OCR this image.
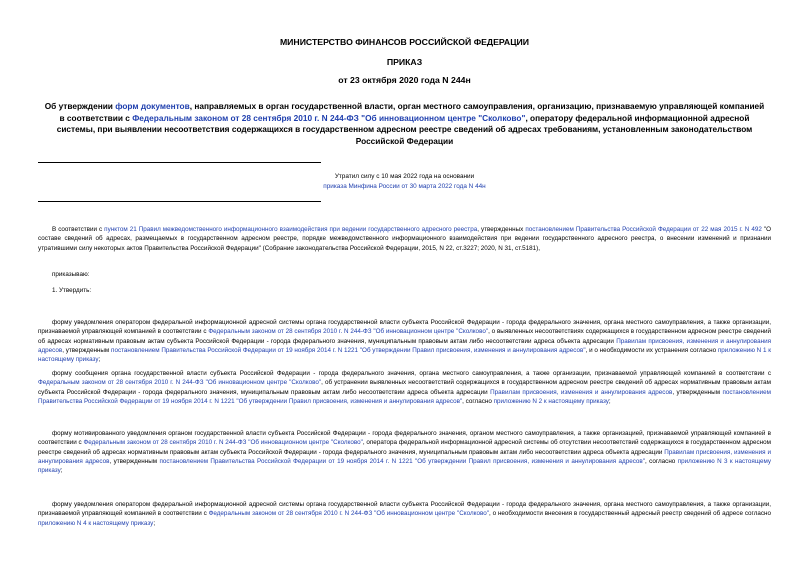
МИНИСТЕРСТВО ФИНАНСОВ РОССИЙСКОЙ ФЕДЕРАЦИИ
ПРИКАЗ
от 23 октября 2020 года N 244н
Об утверждении форм документов, направляемых в орган государственной власти, орган местного самоуправления, организацию, признаваемую управляющей компанией в соответствии с Федеральным законом от 28 сентября 2010 г. N 244-ФЗ "Об инновационном центре "Сколково", оператору федеральной информационной адресной системы, при выявлении несоответствия содержащихся в государственном адресном реестре сведений об адресах требованиям, установленным законодательством Российской Федерации
Утратил силу с 10 мая 2022 года на основании
приказа Минфина России от 30 марта 2022 года N 44н
В соответствии с пунктом 21 Правил межведомственного информационного взаимодействия при ведении государственного адресного реестра, утвержденных постановлением Правительства Российской Федерации от 22 мая 2015 г. N 492 "О составе сведений об адресах, размещаемых в государственном адресном реестре, порядке межведомственного информационного взаимодействия при ведении государственного адресного реестра, о внесении изменений и признании утратившими силу некоторых актов Правительства Российской Федерации" (Собрание законодательства Российской Федерации, 2015, N 22, ст.3227; 2020, N 31, ст.5181),
приказываю:
1. Утвердить:
форму уведомления оператором федеральной информационной адресной системы органа государственной власти субъекта Российской Федерации - города федерального значения, органа местного самоуправления, а также организации, признаваемой управляющей компанией в соответствии с Федеральным законом от 28 сентября 2010 г. N 244-ФЗ "Об инновационном центре "Сколково", о выявленных несоответствиях содержащихся в государственном адресном реестре сведений об адресах нормативным правовым актам субъекта Российской Федерации - города федерального значения, муниципальным правовым актам либо несоответствии адреса объекта адресации Правилам присвоения, изменения и аннулирования адресов, утвержденным постановлением Правительства Российской Федерации от 19 ноября 2014 г. N 1221 "Об утверждении Правил присвоения, изменения и аннулирования адресов", и о необходимости их устранения согласно приложению N 1 к настоящему приказу;
форму сообщения органа государственной власти субъекта Российской Федерации - города федерального значения, органа местного самоуправления, а также организации, признаваемой управляющей компанией в соответствии с Федеральным законом от 28 сентября 2010 г. N 244-ФЗ "Об инновационном центре "Сколково", об устранении выявленных несоответствий содержащихся в государственном адресном реестре сведений об адресах нормативным правовым актам субъекта Российской Федерации - города федерального значения, муниципальным правовым актам либо несоответствии адреса объекта адресации Правилам присвоения, изменения и аннулирования адресов, утвержденным постановлением Правительства Российской Федерации от 19 ноября 2014 г. N 1221 "Об утверждении Правил присвоения, изменения и аннулирования адресов", согласно приложению N 2 к настоящему приказу;
форму мотивированного уведомления органом государственной власти субъекта Российской Федерации - города федерального значения, органом местного самоуправления, а также организацией, признаваемой управляющей компанией в соответствии с Федеральным законом от 28 сентября 2010 г. N 244-ФЗ "Об инновационном центре "Сколково", оператора федеральной информационной адресной системы об отсутствии несоответствий содержащихся в государственном адресном реестре сведений об адресах нормативным правовым актам субъекта Российской Федерации - города федерального значения, муниципальным правовым актам либо несоответствии адреса объекта адресации Правилам присвоения, изменения и аннулирования адресов, утвержденным постановлением Правительства Российской Федерации от 19 ноября 2014 г. N 1221 "Об утверждении Правил присвоения, изменения и аннулирования адресов", согласно приложению N 3 к настоящему приказу;
форму уведомления оператором федеральной информационной адресной системы органа государственной власти субъекта Российской Федерации - города федерального значения, органа местного самоуправления, а также организации, признаваемой управляющей компанией в соответствии с Федеральным законом от 28 сентября 2010 г. N 244-ФЗ "Об инновационном центре "Сколково", о необходимости внесения в государственный адресный реестр сведений об адресе согласно приложению N 4 к настоящему приказу;
